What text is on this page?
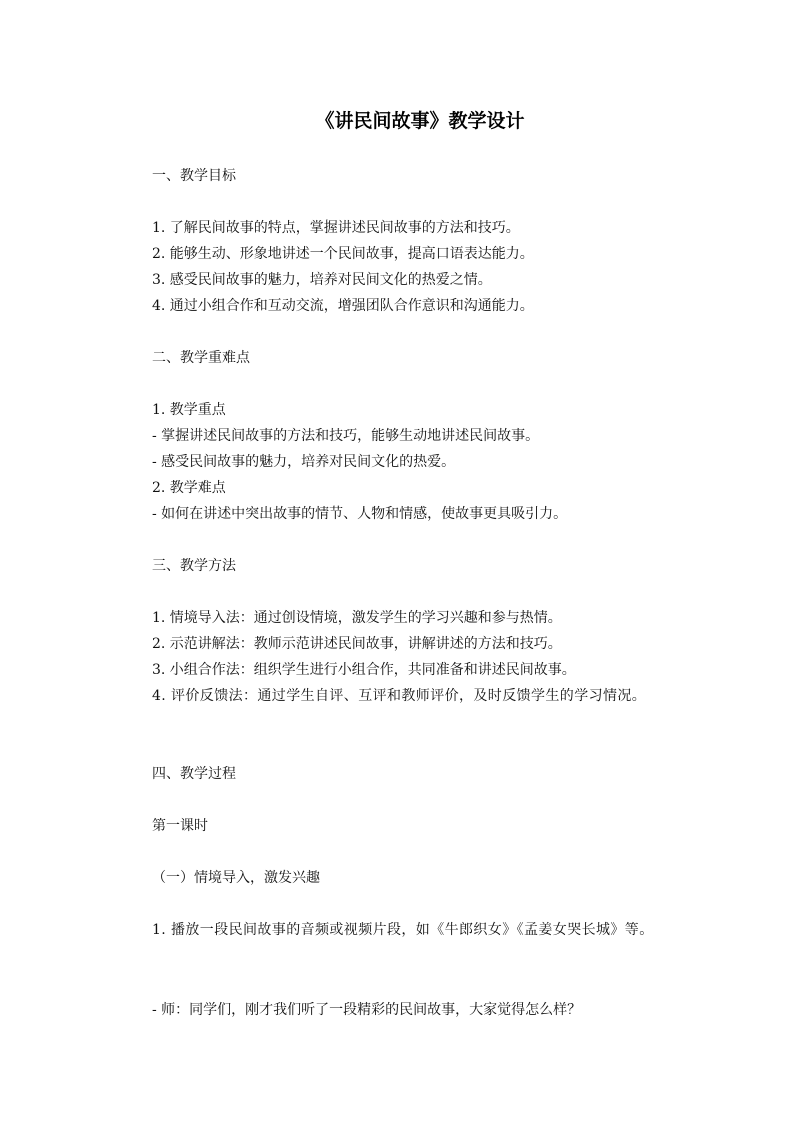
《讲民间故事》教学设计
一、教学目标
1. 了解民间故事的特点，掌握讲述民间故事的方法和技巧。
2. 能够生动、形象地讲述一个民间故事，提高口语表达能力。
3. 感受民间故事的魅力，培养对民间文化的热爱之情。
4. 通过小组合作和互动交流，增强团队合作意识和沟通能力。
二、教学重难点
1. 教学重点
- 掌握讲述民间故事的方法和技巧，能够生动地讲述民间故事。
- 感受民间故事的魅力，培养对民间文化的热爱。
2. 教学难点
- 如何在讲述中突出故事的情节、人物和情感，使故事更具吸引力。
三、教学方法
1. 情境导入法：通过创设情境，激发学生的学习兴趣和参与热情。
2. 示范讲解法：教师示范讲述民间故事，讲解讲述的方法和技巧。
3. 小组合作法：组织学生进行小组合作，共同准备和讲述民间故事。
4. 评价反馈法：通过学生自评、互评和教师评价，及时反馈学生的学习情况。
四、教学过程
第一课时
（一）情境导入，激发兴趣
1. 播放一段民间故事的音频或视频片段，如《牛郎织女》《孟姜女哭长城》等。
- 师：同学们，刚才我们听了一段精彩的民间故事，大家觉得怎么样？
